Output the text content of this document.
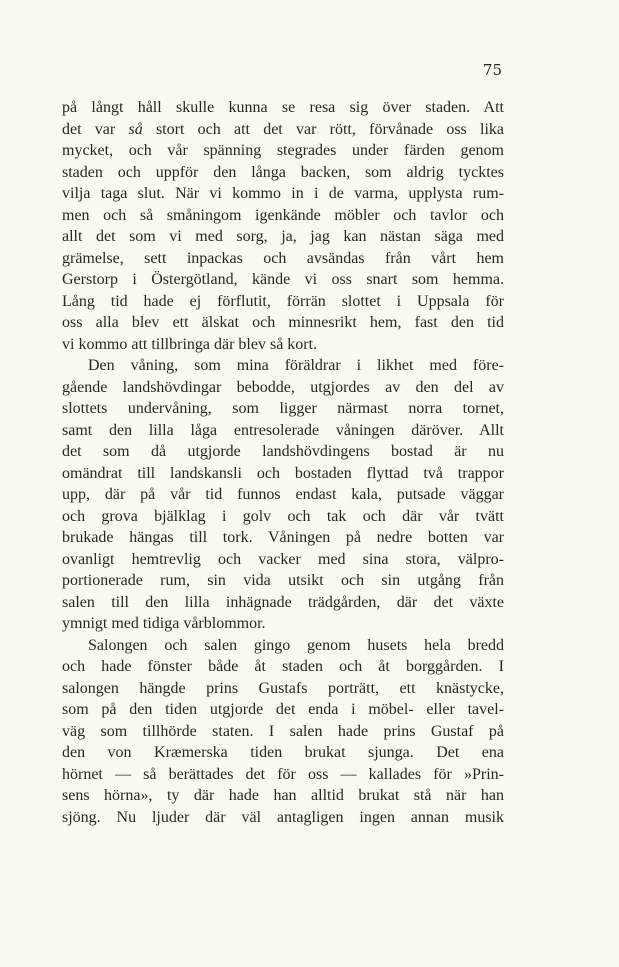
75
på långt håll skulle kunna se resa sig över staden. Att
det var så stort och att det var rött, förvånade oss lika
mycket, och vår spänning stegrades under färden genom
staden och uppför den långa backen, som aldrig tycktes
vilja taga slut. När vi kommo in i de varma, upplysta rum-
men och så småningom igenkände möbler och tavlor och
allt det som vi med sorg, ja, jag kan nästan säga med
grämelse, sett inpackas och avsändas från vårt hem
Gerstorp i Östergötland, kände vi oss snart som hemma.
Lång tid hade ej förflutit, förrän slottet i Uppsala för
oss alla blev ett älskat och minnesrikt hem, fast den tid
vi kommo att tillbringa där blev så kort.
Den våning, som mina föräldrar i likhet med före-
gående landshövdingar bebodde, utgjordes av den del av
slottets undervåning, som ligger närmast norra tornet,
samt den lilla låga entresolerade våningen däröver. Allt
det som då utgjorde landshövdingens bostad är nu
omändrat till landskansli och bostaden flyttad två trappor
upp, där på vår tid funnos endast kala, putsade väggar
och grova bjälklag i golv och tak och där vår tvätt
brukade hängas till tork. Våningen på nedre botten var
ovanligt hemtrevlig och vacker med sina stora, välpro-
portionerade rum, sin vida utsikt och sin utgång från
salen till den lilla inhägnade trädgården, där det växte
ymnigt med tidiga vårblommor.
Salongen och salen gingo genom husets hela bredd
och hade fönster både åt staden och åt borggården. I
salongen hängde prins Gustafs porträtt, ett knästycke,
som på den tiden utgjorde det enda i möbel- eller tavel-
väg som tillhörde staten. I salen hade prins Gustaf på
den von Kræmerska tiden brukat sjunga. Det ena
hörnet — så berättades det för oss — kallades för »Prin-
sens hörna», ty där hade han alltid brukat stå när han
sjöng. Nu ljuder där väl antagligen ingen annan musik
